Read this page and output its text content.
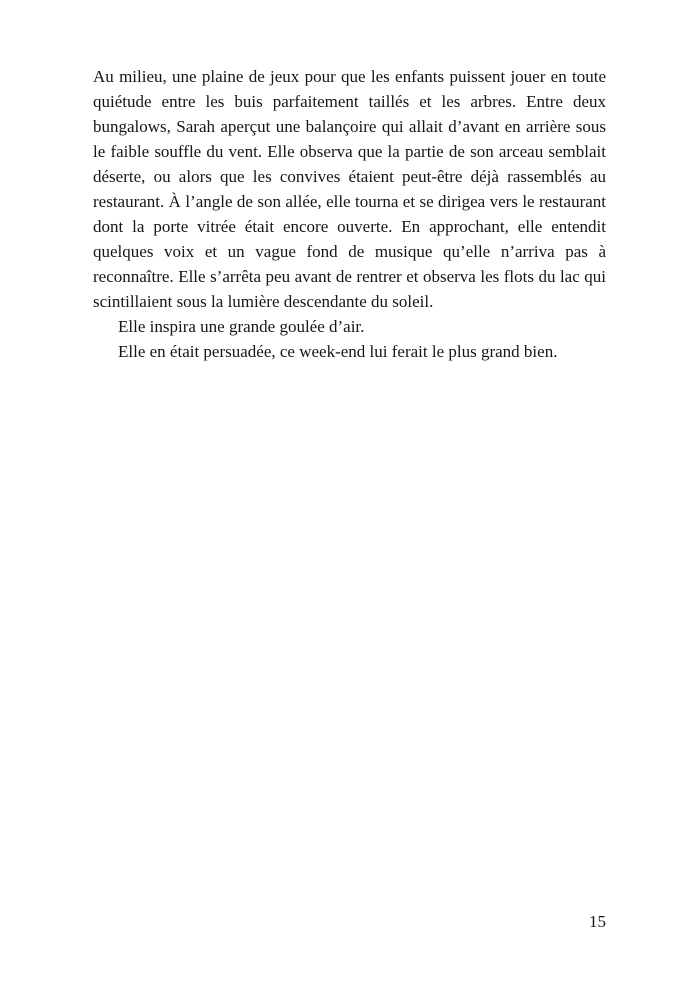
Au milieu, une plaine de jeux pour que les enfants puissent jouer en toute quiétude entre les buis parfaitement taillés et les arbres. Entre deux bungalows, Sarah aperçut une balançoire qui allait d’avant en arrière sous le faible souffle du vent. Elle observa que la partie de son arceau semblait déserte, ou alors que les convives étaient peut-être déjà rassemblés au restaurant. À l’angle de son allée, elle tourna et se dirigea vers le restaurant dont la porte vitrée était encore ouverte. En approchant, elle entendit quelques voix et un vague fond de musique qu’elle n’arriva pas à reconnaître. Elle s’arrêta peu avant de rentrer et observa les flots du lac qui scintillaient sous la lumière descendante du soleil.

Elle inspira une grande goulée d’air.

Elle en était persuadée, ce week-end lui ferait le plus grand bien.

15
